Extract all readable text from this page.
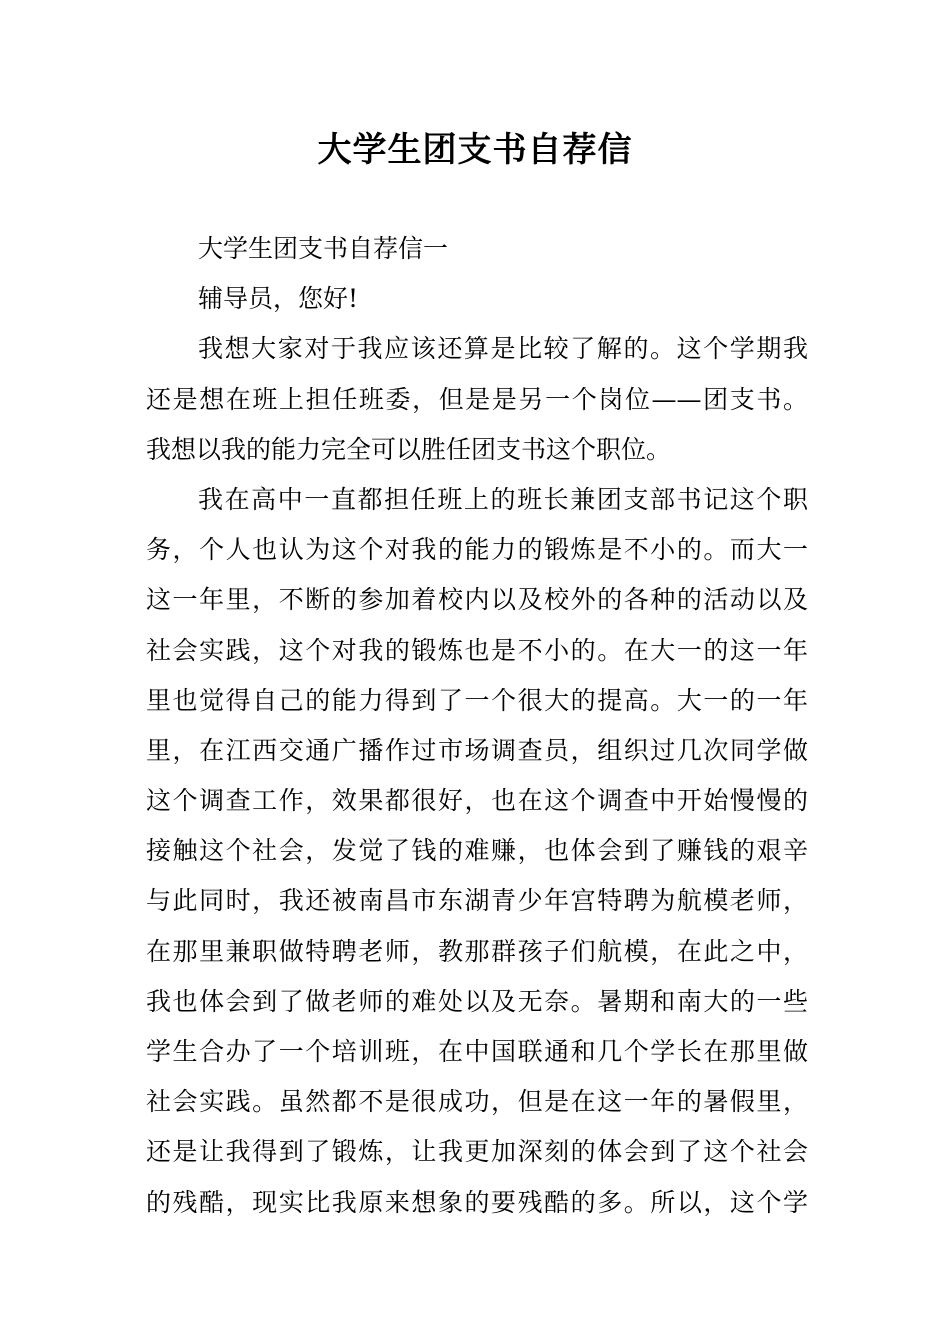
大学生团支书自荐信
大学生团支书自荐信一
辅导员，您好!
我想大家对于我应该还算是比较了解的。这个学期我
还是想在班上担任班委，但是是另一个岗位——团支书。
我想以我的能力完全可以胜任团支书这个职位。
我在高中一直都担任班上的班长兼团支部书记这个职
务，个人也认为这个对我的能力的锻炼是不小的。而大一
这一年里，不断的参加着校内以及校外的各种的活动以及
社会实践，这个对我的锻炼也是不小的。在大一的这一年
里也觉得自己的能力得到了一个很大的提高。大一的一年
里，在江西交通广播作过市场调查员，组织过几次同学做
这个调查工作，效果都很好，也在这个调查中开始慢慢的
接触这个社会，发觉了钱的难赚，也体会到了赚钱的艰辛
与此同时，我还被南昌市东湖青少年宫特聘为航模老师，
在那里兼职做特聘老师，教那群孩子们航模，在此之中，
我也体会到了做老师的难处以及无奈。暑期和南大的一些
学生合办了一个培训班，在中国联通和几个学长在那里做
社会实践。虽然都不是很成功，但是在这一年的暑假里，
还是让我得到了锻炼，让我更加深刻的体会到了这个社会
的残酷，现实比我原来想象的要残酷的多。所以，这个学
